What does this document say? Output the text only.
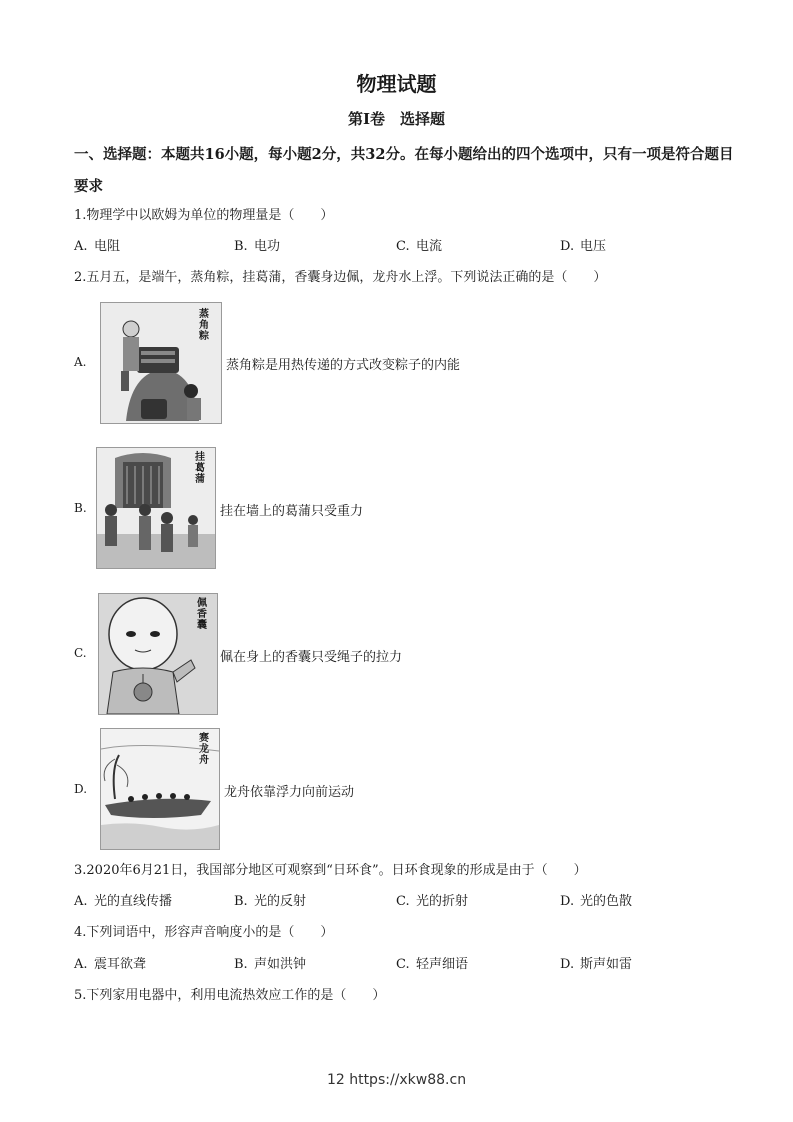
物理试题
第Ⅰ卷　选择题
一、选择题：本题共16小题，每小题2分，共32分。在每小题给出的四个选项中，只有一项是符合题目要求
1.物理学中以欧姆为单位的物理量是（　　）
A. 电阻	B. 电功	C. 电流	D. 电压
2.五月五，是端午，蒸角粽，挂葛蒲，香囊身边佩，龙舟水上浮。下列说法正确的是（　　）
A.
蒸角粽
蒸角粽是用热传递的方式改变粽子的内能
B.
挂葛蒲
挂在墙上的葛蒲只受重力
C.
佩香囊
佩在身上的香囊只受绳子的拉力
D.
赛龙舟
龙舟依靠浮力向前运动
3.2020年6月21日，我国部分地区可观察到“日环食”。日环食现象的形成是由于（　　）
A. 光的直线传播	B. 光的反射	C. 光的折射	D. 光的色散
4.下列词语中，形容声音响度小的是（　　）
A. 震耳欲聋	B. 声如洪钟	C. 轻声细语	D. 斯声如雷
5.下列家用电器中，利用电流热效应工作的是（　　）
12 https://xkw88.cn
